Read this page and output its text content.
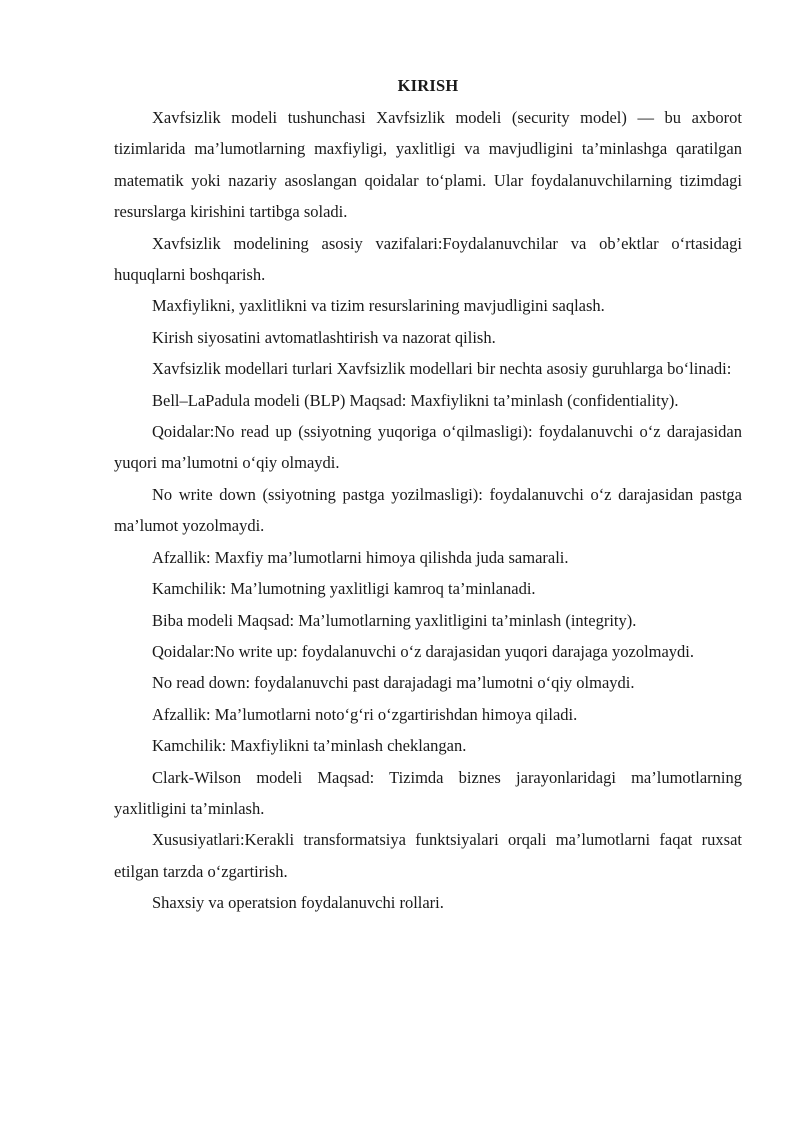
KIRISH

Xavfsizlik modeli tushunchasi Xavfsizlik modeli (security model) — bu axborot tizimlarida ma’lumotlarning maxfiyligi, yaxlitligi va mavjudligini ta’minlashga qaratilgan matematik yoki nazariy asoslangan qoidalar to‘plami. Ular foydalanuvchilarning tizimdagi resurslarga kirishini tartibga soladi.

Xavfsizlik modelining asosiy vazifalari:Foydalanuvchilar va ob’ektlar o‘rtasidagi huquqlarni boshqarish.

Maxfiylikni, yaxlitlikni va tizim resurslarining mavjudligini saqlash.

Kirish siyosatini avtomatlashtirish va nazorat qilish.

Xavfsizlik modellari turlari Xavfsizlik modellari bir nechta asosiy guruhlarga bo‘linadi:

Bell–LaPadula modeli (BLP) Maqsad: Maxfiylikni ta’minlash (confidentiality).

Qoidalar:No read up (ssiyotning yuqoriga o‘qilmasligi): foydalanuvchi o‘z darajasidan yuqori ma’lumotni o‘qiy olmaydi.

No write down (ssiyotning pastga yozilmasligi): foydalanuvchi o‘z darajasidan pastga ma’lumot yozolmaydi.

Afzallik: Maxfiy ma’lumotlarni himoya qilishda juda samarali.

Kamchilik: Ma’lumotning yaxlitligi kamroq ta’minlanadi.

Biba modeli Maqsad: Ma’lumotlarning yaxlitligini ta’minlash (integrity).

Qoidalar:No write up: foydalanuvchi o‘z darajasidan yuqori darajaga yozolmaydi.

No read down: foydalanuvchi past darajadagi ma’lumotni o‘qiy olmaydi.

Afzallik: Ma’lumotlarni noto‘g‘ri o‘zgartirishdan himoya qiladi.

Kamchilik: Maxfiylikni ta’minlash cheklangan.

Clark-Wilson modeli Maqsad: Tizimda biznes jarayonlaridagi ma’lumotlarning yaxlitligini ta’minlash.

Xususiyatlari:Kerakli transformatsiya funktsiyalari orqali ma’lumotlarni faqat ruxsat etilgan tarzda o‘zgartirish.

Shaxsiy va operatsion foydalanuvchi rollari.
